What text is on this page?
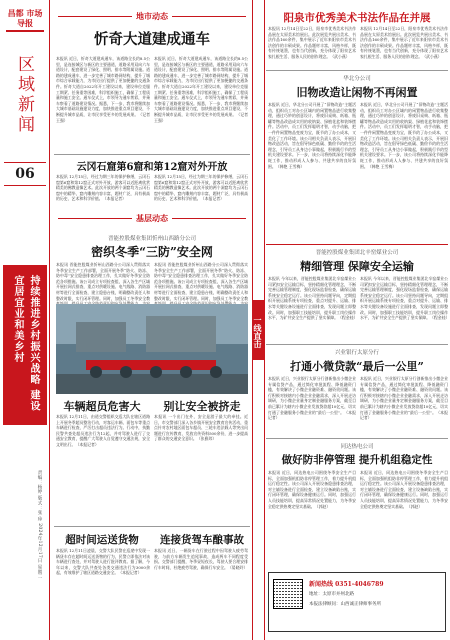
昌都 市场导报
区域新闻
06
持续推进乡村振兴战略 建设宜居宜业和美乡村
责编：杨婷 版式：张 珍 2024年12月17日 星期二
地市动态
忻奇大道建成通车
本报讯 近日，忻奇大道建成通车，该道路全长约8.5公里，是连接城区与新区的主要通道，道路采用双向六车道设计，配套建设了绿化、照明、排水等附属设施。道路的建成通车，进一步完善了城市路网结构，提升了城市综合承载能力，为市民出行提供了更加便捷的交通条件。忻奇大道自2022年开工建设以来，建设单位克服工期紧、任务重等困难，科学组织施工，确保了工程质量和施工安全。通车仪式上，市领导为通车剪彩，并乘车察看了道路建设情况。据悉，下一步，我市将继续加大城市基础设施建设力度，加快推进重点项目建设，不断提升城市品质，让市民享受更多的发展成果。（记者 王强）
本报讯 近日，忻奇大道建成通车，该道路全长约8.5公里，是连接城区与新区的主要通道，道路采用双向六车道设计，配套建设了绿化、照明、排水等附属设施。道路的建成通车，进一步完善了城市路网结构，提升了城市综合承载能力，为市民出行提供了更加便捷的交通条件。忻奇大道自2022年开工建设以来，建设单位克服工期紧、任务重等困难，科学组织施工，确保了工程质量和施工安全。通车仪式上，市领导为通车剪彩，并乘车察看了道路建设情况。据悉，下一步，我市将继续加大城市基础设施建设力度，加快推进重点项目建设，不断提升城市品质，让市民享受更多的发展成果。（记者 王强）
云冈石窟第6窟和第12窟对外开放
本报讯 12月15日，经过为期三年的保护修缮，云冈石窟第6窟和第12窟正式对外开放，游客可以近距离欣赏精美的佛教造像艺术。此次开放的两个洞窟均为云冈石窟中的精华，窟内雕刻内容丰富，题材广泛，具有极高的历史、艺术和科学价值。（本报记者）
本报讯 12月15日，经过为期三年的保护修缮，云冈石窟第6窟和第12窟正式对外开放，游客可以近距离欣赏精美的佛教造像艺术。此次开放的两个洞窟均为云冈石窟中的精华，窟内雕刻内容丰富，题材广泛，具有极高的历史、艺术和科学价值。（本报记者）
基层动态
晋能控股煤业集团忻州山西路分公司
密织冬季“三防”安全网
本报讯 晋能控股煤业忻州山西路分公司深入贯彻落实冬季安全生产工作部署，全面开展冬季“防火、防冻、防中毒”安全隐患排查治理工作，扎实做好冬季安全防范各项措施。该公司成立专项检查组，深入各生产区域开展拉网式排查，重点对供暖设施、电气线路、消防器材等进行全面检查，建立隐患台账，明确整改责任人和整改时限，实行闭环管理。同时，加强员工冬季安全教
本报讯 晋能控股煤业忻州山西路分公司深入贯彻落实冬季安全生产工作部署，全面开展冬季“防火、防冻、防中毒”安全隐患排查治理工作，扎实做好冬季安全防范各项措施。该公司成立专项检查组，深入各生产区域开展拉网式排查，重点对供暖设施、电气线路、消防器材等进行全面检查，建立隐患台账，明确整改责任人和整改时限，实行闭环管理。同时，加强员工冬季安全教
车辆超员危害大
本报讯 12月11日，由道交警组织交巡大队在辖区道路上开展冬季超员整治行动，对客运车辆、面包车等重点车辆进行检查，严厉打击超员违法行为。行动中，执勤民警共查处超员违法行为12起，并对驾驶人进行了交通安全教育，提醒广大驾驶人自觉遵守交通法规，安全文明出行。（本报记者）
别让安全被挤走
本报讯 一个出门在外，安全是游子最大的牵挂。近日，市交警部门深入各乡镇开展安全教育宣传活动，重点针对农村地区面包车超员、三轮车违法载人等突出问题进行宣传教育，发放宣传资料500余份，进一步提高了群众的交通安全意识。（张雅玮）
超时间运送货物
本报讯 12月11日凌晨，交警大队民警在巡逻中发现一辆货车存在超时间运送货物的行为，民警立即依法对该车辆进行查处，并对驾驶人进行批评教育。据了解，今年以来，交警大队共查处各类交通违法行为3000余起，有效维护了辖区道路交通安全。（本报记者）
连接货驾车酿事故
本报讯 近日，一辆货车在行驶过程中因驾驶人疲劳驾驶，与前方车辆发生追尾事故，造成两车不同程度受损。交警部门提醒，冬季昼短夜长，驾驶人要合理安排行车时间，杜绝疲劳驾驶，确保行车安全。（晏晓玲）
一线直击
阳泉市优秀美术书法作品在并展
本报讯 12月14日至22日，阳泉市优秀美术书法作品展在太原美术馆展出。此次展览共展出美术、书法作品160余件，集中展示了近年来阳泉市美术书法创作的丰硕成果。作品题材丰富，风格多样，既有传统笔墨，也有当代创新，充分体现了阳泉艺术家扎根生活、服务人民的创作理念。（武小燕）
本报讯 12月14日至22日，阳泉市优秀美术书法作品展在太原美术馆展出。此次展览共展出美术、书法作品160余件，集中展示了近年来阳泉市美术书法创作的丰硕成果。作品题材丰富，风格多样，既有传统笔墨，也有当代创新，充分体现了阳泉艺术家扎根生活、服务人民的创作理念。（武小燕）
华北分公司
旧物改造让闲物不再闲置
本报讯 近日，华北分公司开展了“旧物改造”主题活动，组织员工对办公区域内的闲置物品进行收集整理，通过巧妙的创意设计，将废旧桌椅、纸箱、瓶罐等物品改造成实用的收纳架、绿植花盆和装饰摆件。活动中，员工们发挥聪明才智，动手动脑，把一件件闲置物品变废为宝，既节约了办公成本，又美化了工作环境。该公司相关负责人表示，开展旧物改造活动，旨在倡导绿色低碳、勤俭节约的生活理念，引导员工从身边小事做起，积极践行节约型机关建设要求。下一步，该公司将持续深化节能降耗工作，推动形成人人参与、共建共享的良好氛围。（韩艳 王雪梅）
本报讯 近日，华北分公司开展了“旧物改造”主题活动，组织员工对办公区域内的闲置物品进行收集整理，通过巧妙的创意设计，将废旧桌椅、纸箱、瓶罐等物品改造成实用的收纳架、绿植花盆和装饰摆件。活动中，员工们发挥聪明才智，动手动脑，把一件件闲置物品变废为宝，既节约了办公成本，又美化了工作环境。该公司相关负责人表示，开展旧物改造活动，旨在倡导绿色低碳、勤俭节约的生活理念，引导员工从身边小事做起，积极践行节约型机关建设要求。下一步，该公司将持续深化节能降耗工作，推动形成人人参与、共建共享的良好氛围。（韩艳 王雪梅）
晋能控股煤业集团北辛窑煤业公司
精细管理 保障安全运输
本报讯 今年以来，晋能控股煤业集团北辛窑煤业公司紧扣安全运输目标，坚持精细化管理理念，不断完善运输管理制度，强化现场监督检查，确保运输系统安全稳定运行。该公司坚持问题导向，定期组织开展运输系统专项检查，重点对提升、运输、排水等关键设备设施进行全面排查，发现问题立即整改。同时，加强职工技能培训，提升职工岗位操作水平，为矿井安全生产提供了坚实保障。（程金桂）
本报讯 今年以来，晋能控股煤业集团北辛窑煤业公司紧扣安全运输目标，坚持精细化管理理念，不断完善运输管理制度，强化现场监督检查，确保运输系统安全稳定运行。该公司坚持问题导向，定期组织开展运输系统专项检查，重点对提升、运输、排水等关键设备设施进行全面排查，发现问题立即整改。同时，加强职工技能培训，提升职工岗位操作水平，为矿井安全生产提供了坚实保障。（程金桂）
兴业银行太原分行
打通小微贷款“最后一公里”
本报讯 近日，兴业银行太原分行创新推出小微企业专属信贷产品，通过简化审批流程、降低融资门槛，有效解决了小微企业融资难、融资贵问题。该行积极对接辖内小微企业金融需求，深入开展走访调研，为小微企业量身定制金融服务方案，截至目前已累计为辖内小微企业发放贷款超10亿元，切实打通了金融服务小微企业的“最后一公里”。（本报记者）
本报讯 近日，兴业银行太原分行创新推出小微企业专属信贷产品，通过简化审批流程、降低融资门槛，有效解决了小微企业融资难、融资贵问题。该行积极对接辖内小微企业金融需求，深入开展走访调研，为小微企业量身定制金融服务方案，截至目前已累计为辖内小微企业发放贷款超10亿元，切实打通了金融服务小微企业的“最后一公里”。（本报记者）
同达热电公司
做好防非停管理 提升机组稳定性
本报讯 近日，同达热电公司围绕冬季安全生产目标，全面加强机组防非停管理工作，着力提升机组运行稳定性。该公司深入开展设备隐患排查治理，对主辅设备进行全面检查，建立设备缺陷台账，实行闭环管理，确保设备健康运行。同时，加强运行人员技能培训，提高异常情况处置能力，为冬季安全稳定供热奠定坚实基础。（郭赵）
本报讯 近日，同达热电公司围绕冬季安全生产目标，全面加强机组防非停管理工作，着力提升机组运行稳定性。该公司深入开展设备隐患排查治理，对主辅设备进行全面检查，建立设备缺陷台账，实行闭环管理，确保设备健康运行。同时，加强运行人员技能培训，提高异常情况处置能力，为冬季安全稳定供热奠定坚实基础。（郭赵）
新闻热线 0351-4046789
地址：太原市并州北路
本报法律顾问：山西诚正律师事务所
